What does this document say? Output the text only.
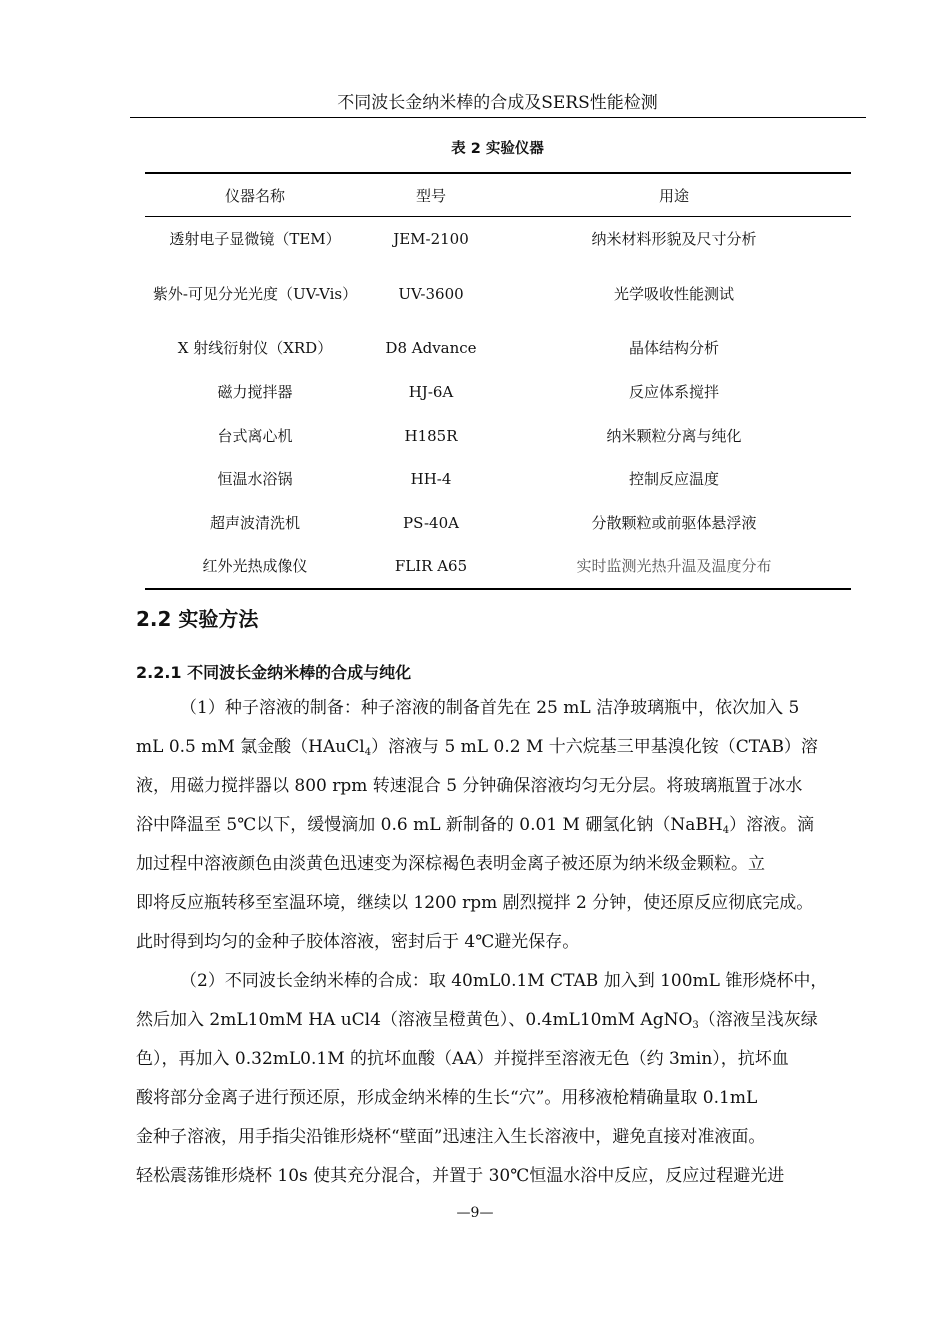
不同波长金纳米棒的合成及SERS性能检测
表 2 实验仪器
仪器名称	型号	用途
透射电子显微镜（TEM）	JEM-2100	纳米材料形貌及尺寸分析
紫外-可见分光光度（UV-Vis）	UV-3600	光学吸收性能测试
X 射线衍射仪（XRD）	D8 Advance	晶体结构分析
磁力搅拌器	HJ-6A	反应体系搅拌
台式离心机	H185R	纳米颗粒分离与纯化
恒温水浴锅	HH-4	控制反应温度
超声波清洗机	PS-40A	分散颗粒或前驱体悬浮液
红外光热成像仪	FLIR A65	实时监测光热升温及温度分布
2.2 实验方法
2.2.1 不同波长金纳米棒的合成与纯化
（1）种子溶液的制备：种子溶液的制备首先在 25 mL 洁净玻璃瓶中，依次加入 5
mL 0.5 mM 氯金酸（HAuCl$_4$）溶液与 5 mL 0.2 M 十六烷基三甲基溴化铵（CTAB）溶
液，用磁力搅拌器以 800 rpm 转速混合 5 分钟确保溶液均匀无分层。将玻璃瓶置于冰水
浴中降温至 5℃以下，缓慢滴加 0.6 mL 新制备的 0.01 M 硼氢化钠（NaBH$_4$）溶液。滴
加过程中溶液颜色由淡黄色迅速变为深棕褐色表明金离子被还原为纳米级金颗粒。立
即将反应瓶转移至室温环境，继续以 1200 rpm 剧烈搅拌 2 分钟，使还原反应彻底完成。
此时得到均匀的金种子胶体溶液，密封后于 4℃避光保存。
（2）不同波长金纳米棒的合成：取 40mL0.1M CTAB 加入到 100mL 锥形烧杯中，
然后加入 2mL10mM HA uCl4（溶液呈橙黄色）、0.4mL10mM AgNO$_3$（溶液呈浅灰绿
色），再加入 0.32mL0.1M 的抗坏血酸（AA）并搅拌至溶液无色（约 3min），抗坏血
酸将部分金离子进行预还原，形成金纳米棒的生长“穴”。用移液枪精确量取 0.1mL
金种子溶液，用手指尖沿锥形烧杯“壁面”迅速注入生长溶液中，避免直接对准液面。
轻松震荡锥形烧杯 10s 使其充分混合，并置于 30℃恒温水浴中反应，反应过程避光进
—9—
